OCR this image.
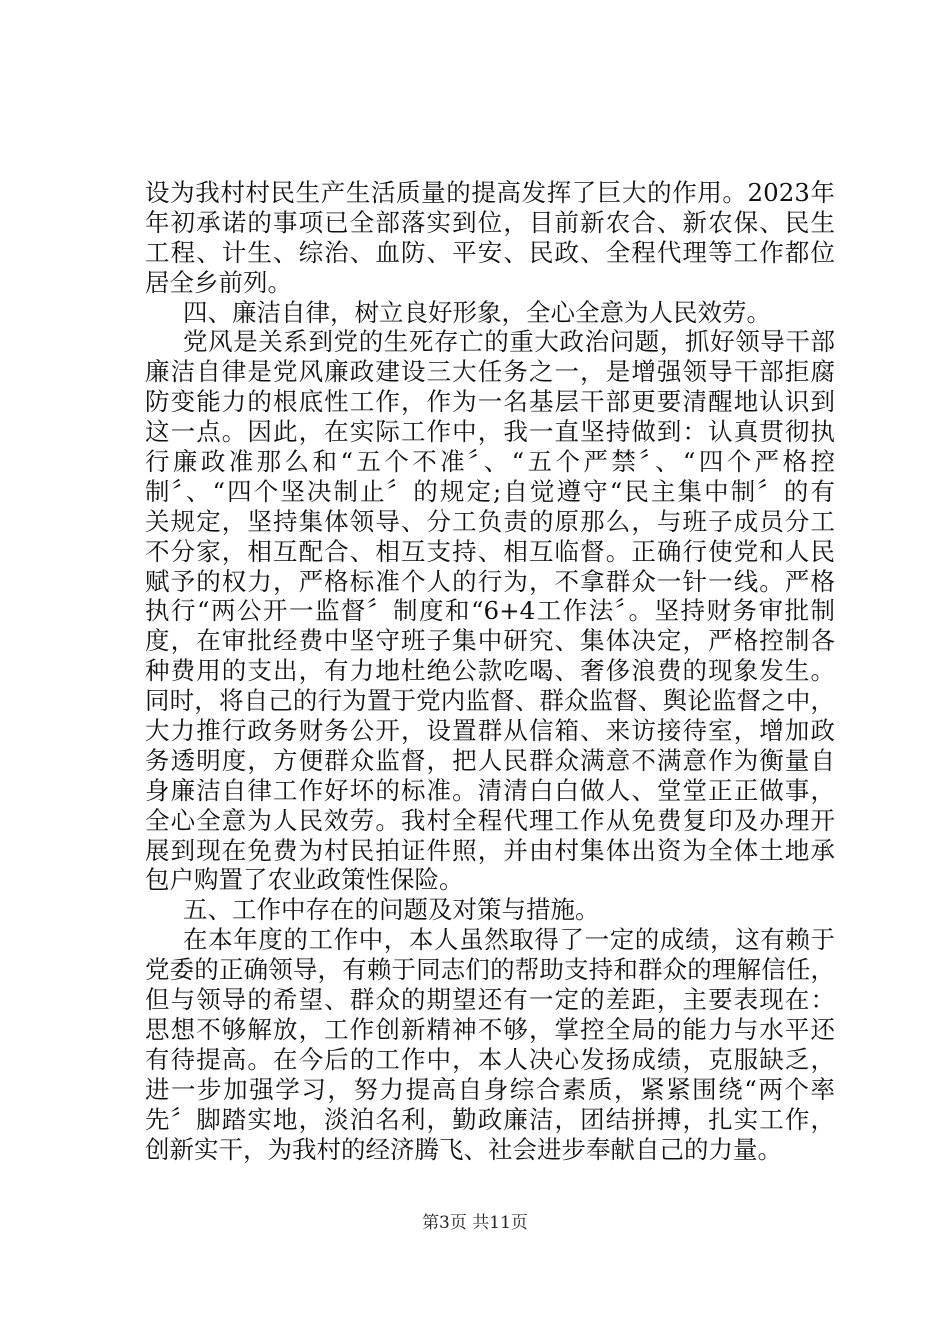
设为我村村民生产生活质量的提高发挥了巨大的作用。2023年
年初承诺的事项已全部落实到位，目前新农合、新农保、民生
工程、计生、综治、血防、平安、民政、全程代理等工作都位
居全乡前列。
四、廉洁自律，树立良好形象，全心全意为人民效劳。
党风是关系到党的生死存亡的重大政治问题，抓好领导干部
廉洁自律是党风廉政建设三大任务之一，是增强领导干部拒腐
防变能力的根底性工作，作为一名基层干部更要清醒地认识到
这一点。因此，在实际工作中，我一直坚持做到：认真贯彻执
行廉政准那么和“五个不准〞、“五个严禁〞、“四个严格控
制〞、“四个坚决制止〞的规定;自觉遵守“民主集中制〞的有
关规定，坚持集体领导、分工负责的原那么，与班子成员分工
不分家，相互配合、相互支持、相互临督。正确行使党和人民
赋予的权力，严格标准个人的行为，不拿群众一针一线。严格
执行“两公开一监督〞制度和“6+4工作法〞。坚持财务审批制
度，在审批经费中坚守班子集中研究、集体决定，严格控制各
种费用的支出，有力地杜绝公款吃喝、奢侈浪费的现象发生。
同时，将自己的行为置于党内监督、群众监督、舆论监督之中，
大力推行政务财务公开，设置群从信箱、来访接待室，增加政
务透明度，方便群众监督，把人民群众满意不满意作为衡量自
身廉洁自律工作好坏的标准。清清白白做人、堂堂正正做事，
全心全意为人民效劳。我村全程代理工作从免费复印及办理开
展到现在免费为村民拍证件照，并由村集体出资为全体土地承
包户购置了农业政策性保险。
五、工作中存在的问题及对策与措施。
在本年度的工作中，本人虽然取得了一定的成绩，这有赖于
党委的正确领导，有赖于同志们的帮助支持和群众的理解信任，
但与领导的希望、群众的期望还有一定的差距，主要表现在：
思想不够解放，工作创新精神不够，掌控全局的能力与水平还
有待提高。在今后的工作中，本人决心发扬成绩，克服缺乏，
进一步加强学习，努力提高自身综合素质，紧紧围绕“两个率
先〞脚踏实地，淡泊名利，勤政廉洁，团结拼搏，扎实工作，
创新实干，为我村的经济腾飞、社会进步奉献自己的力量。
第3页 共11页
